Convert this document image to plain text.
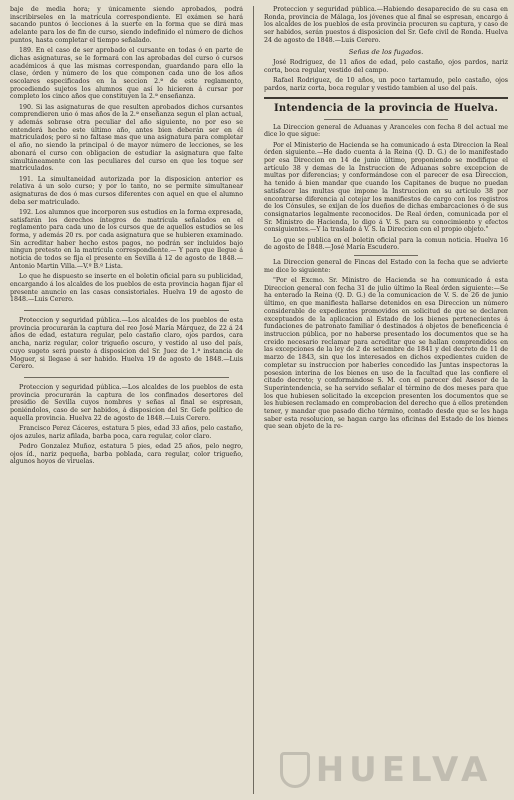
baje de media hora; y únicamente siendo aprobados, podrá inscribirseles en la matrícula correspondiente. El exámen se hará sacando puntos ó lecciones á la suerte en la forma que se dirá mas adelante para los de fin de curso, siendo indefinido el número de dichos puntos, hasta completar el tiempo señalado.

189. En el caso de ser aprobado el cursante en todas ó en parte de dichas asignaturas, se le formará con las aprobadas del curso ó cursos académicos á que las mismas correspondan, guardando para ello la clase, órden y número de los que componen cada uno de los años escolares especificados en la seccion 2.ª de este reglamento, procediendo sujetos los alumnos que así lo hicieren á cursar por completo los cinco años que constituyen la 2.ª enseñanza.

190. Si las asignaturas de que resulten aprobados dichos cursantes comprendieren uno ó mas años de la 2.ª enseñanza segun el plan actual, y además sobrase otra peculiar del año siguiente, no por eso se entenderá hecho este último año, antes bien deberán ser en él matriculados; pero si no faltase mas que una asignatura para completar el año, no siendo la principal ó de mayor número de lecciones, se les abonará el curso con obligacion de estudiar la asignatura que falte simultáneamente con las peculiares del curso en que les toque ser matriculados.

191. La simultaneidad autorizada por la disposicion anterior es relativa á un solo curso; y por lo tanto, no se permite simultanear asignaturas de dos ó mas cursos diferentes con aquel en que el alumno deba ser matriculado.

192. Los alumnos que incorporen sus estudios en la forma expresada, satisfarán los derechos íntegros de matrícula señalados en el reglamento para cada uno de los cursos que de aquellos estudios se les forma, y además 20 rs. por cada asignatura que se hubieren examinado. Sin acreditar haber hecho estos pagos, no podrán ser incluidos bajo ningun pretesto en la matrícula correspondiente.— Y para que llegue á noticia de todos se fija el presente en Sevilla á 12 de agosto de 1848.—Antonio Martin Villa.—V.º B.º Lista.

Lo que he dispuesto se inserte en el boletin oficial para su publicidad, encargando á los alcaldes de los pueblos de esta provincia hagan fijar el presente anuncio en las casas consistoriales. Huelva 19 de agosto de 1848.—Luis Cerero.

Proteccion y seguridad pública.—Los alcaldes de los pueblos de esta provincia procurarán la captura del reo José María Márquez, de 22 á 24 años de edad, estatura regular, pelo castaño claro, ojos pardos, cara ancha, nariz regular, color trigueño oscuro, y vestido al uso del país, cuyo sugeto será puesto á disposicion del Sr. Juez de 1.ª instancia de Moguer, si llegase á ser habido. Huelva 19 de agosto de 1848.—Luis Cerero.

Proteccion y seguridad pública.—Los alcaldes de los pueblos de esta provincia procurarán la captura de los confinados desertores del presidio de Sevilla cuyos nombres y señas al final se espresan, poniéndolos, caso de ser habidos, á disposicion del Sr. Gefe político de aquella provincia. Huelva 22 de agosto de 1848.—Luis Cerero.

Francisco Perez Cáceres, estatura 5 pies, edad 33 años, pelo castaño, ojos azules, nariz afilada, barba poca, cara regular, color claro.

Pedro Gonzalez Muñoz, estatura 5 pies, edad 25 años, pelo negro, ojos íd., nariz pequeña, barba poblada, cara regular, color trigueño, algunos hoyos de viruelas.

Proteccion y seguridad pública.—Habiendo desaparecido de su casa en Ronda, provincia de Málaga, los jóvenes que al final se espresan, encargo á los alcaldes de los pueblos de esta provincia procuren su captura, y caso de ser habidos, serán puestos á disposicion del Sr. Gefe civil de Ronda. Huelva 24 de agosto de 1848.—Luis Cerero.

Señas de los fugados.

José Rodriguez, de 11 años de edad, pelo castaño, ojos pardos, nariz corta, boca regular, vestido del campo.

Rafael Rodriguez, de 10 años, un poco tartamudo, pelo castaño, ojos pardos, nariz corta, boca regular y vestido tambien al uso del país.

Intendencia de la provincia de Huelva.

La Direccion general de Aduanas y Aranceles con fecha 8 del actual me dice lo que sigue:

Por el Ministerio de Hacienda se ha comunicado á esta Direccion la Real órden siguiente.—He dado cuenta á la Reina (Q. D. G.) de lo manifestado por esa Direccion en 14 de junio último, proponiendo se modifique el artículo 38 y demas de la Instruccion de Aduanas sobre excepcion de multas por diferencias; y conformándose con el parecer de esa Direccion, ha tenido á bien mandar que cuando los Capitanes de buque no puedan satisfacer las multas que impone la Instruccion en su artículo 38 por encontrarse diferencia al cotejar los manifiestos de cargo con los registros de los Cónsules, se exijan de los dueños de dichas embarcaciones ó de sus consignatarios legalmente reconocidos. De Real órden, comunicada por el Sr. Ministro de Hacienda, lo digo á V. S. para su conocimiento y efectos consiguientes.—Y la traslado á V. S. la Direccion con el propio objeto."

Lo que se publica en el boletin oficial para la comun noticia. Huelva 16 de agosto de 1848.—José María Escudero.

La Direccion general de Fincas del Estado con la fecha que se advierte me dice lo siguiente:

"Por el Excmo. Sr. Ministro de Hacienda se ha comunicado á esta Direccion general con fecha 31 de julio último la Real órden siguiente:—Se ha enterado la Reina (Q. D. G.) de la comunicacion de V. S. de 26 de junio último, en que manifiesta hallarse detenidos en esa Direccion un número considerable de expedientes promovidos en solicitud de que se declaren exceptuados de la aplicacion al Estado de los bienes pertenecientes á fundaciones de patronato familiar ó destinados á objetos de beneficencia é instruccion pública, por no haberse presentado los documentos que se ha creido necesario reclamar para acreditar que se hallan comprendidos en las excepciones de la ley de 2 de setiembre de 1841 y del decreto de 11 de marzo de 1843, sin que los interesados en dichos expedientes cuiden de completar su instruccion por haberles concedido las Juntas inspectoras la posesion interina de los bienes en uso de la facultad que las confiere el citado decreto; y conformándose S. M. con el parecer del Asesor de la Superintendencia, se ha servido señalar el término de dos meses para que los que hubiesen solicitado la excepcion presenten los documentos que se les hubiesen reclamado en comprobacion del derecho que á ellos pretenden tener, y mandar que pasado dicho término, contado desde que se les haga saber esta resolucion, se hagan cargo las oficinas del Estado de los bienes que sean objeto de la re-

HUELVA
